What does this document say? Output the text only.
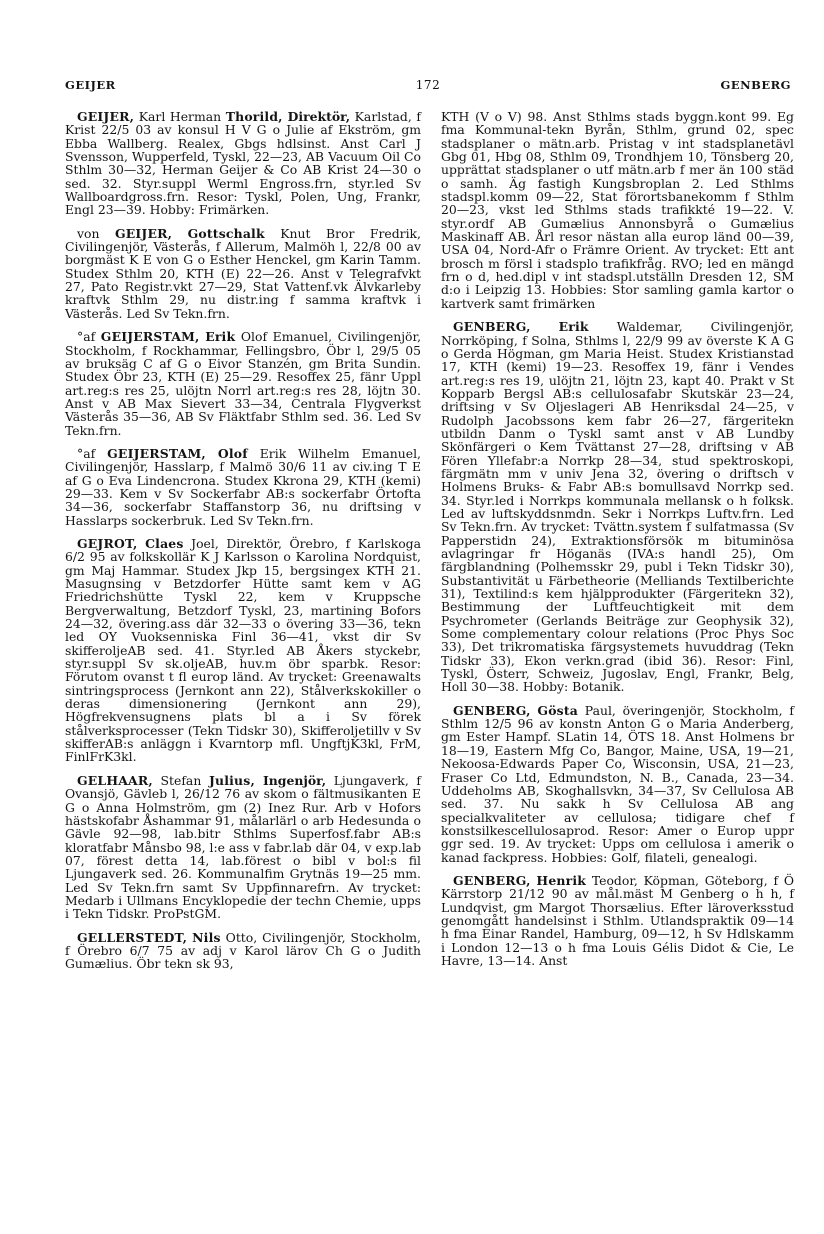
GEIJER	172	GENBERG

GEIJER, Karl Herman Thorild, Direktör, Karlstad, f Krist 22/5 03 av konsul H V G o Julie af Ekström, gm Ebba Wallberg. Realex, Gbgs hdlsinst. Anst Carl J Svensson, Wupperfeld, Tyskl, 22—23, AB Vacuum Oil Co Sthlm 30—32, Herman Geijer & Co AB Krist 24—30 o sed. 32. Styr.suppl Werml Engross.frn, styr.led Sv Wallboardgross.frn. Resor: Tyskl, Polen, Ung, Frankr, Engl 23—39. Hobby: Frimärken.

von GEIJER, Gottschalk Knut Bror Fredrik, Civilingenjör, Västerås, f Allerum, Malmöh l, 22/8 00 av borgmäst K E von G o Esther Henckel, gm Karin Tamm. Studex Sthlm 20, KTH (E) 22—26. Anst v Telegrafvkt 27, Patо Registr.vkt 27—29, Stat Vattenf.vk Älvkarleby kraftvk Sthlm 29, nu distr.ing f samma kraftvk i Västerås. Led Sv Tekn.frn.

°af GEIJERSTAM, Erik Olof Emanuel, Civilingenjör, Stockholm, f Rockhammar, Fellingsbro, Öbr l, 29/5 05 av bruksäg C af G o Eivor Stanzén, gm Brita Sundin. Studex Öbr 23, KTH (E) 25—29. Resoffex 25, fänr Uppl art.reg:s res 25, ulöjtn Norrl art.reg:s res 28, löjtn 30. Anst v AB Max Sievert 33—34, Centrala Flygverkst Västerås 35—36, AB Sv Fläktfabr Sthlm sed. 36. Led Sv Tekn.frn.

°af GEIJERSTAM, Olof Erik Wilhelm Emanuel, Civilingenjör, Hasslarp, f Malmö 30/6 11 av civ.ing T E af G o Eva Lindencrona. Studex Kkrona 29, KTH (kemi) 29—33. Kem v Sv Sockerfabr AB:s sockerfabr Örtofta 34—36, sockerfabr Staffanstorp 36, nu driftsing v Hasslarps sockerbruk. Led Sv Tekn.frn.

GEJROT, Claes Joel, Direktör, Örebro, f Karlskoga 6/2 95 av folkskollär K J Karlsson o Karolina Nordquist, gm Maj Hammar. Studex Jkp 15, bergsingex KTH 21. Masugnsing v Betzdorfer Hütte samt kem v AG Friedrichshütte Tyskl 22, kem v Kruppsche Bergverwaltung, Betzdorf Tyskl, 23, martining Bofors 24—32, övering.ass där 32—33 o övering 33—36, tekn led OY Vuoksenniska Finl 36—41, vkst dir Sv skifferoljeAB sed. 41. Styr.led AB Åkers styckebr, styr.suppl Sv sk.oljeAB, huv.m öbr sparbk. Resor: Förutom ovanst t fl europ länd. Av trycket: Greenawalts sintringsprocess (Jernkont ann 22), Stålverkskokiller o deras dimensionering (Jernkont ann 29), Högfrekvensugnens plats bl a i Sv förek stålverksprocesser (Tekn Tidskr 30), Skifferoljetillv v Sv skifferAB:s anläggn i Kvarntorp mfl. UngftjK3kl, FrM, FinlFrK3kl.

GELHAAR, Stefan Julius, Ingenjör, Ljungaverk, f Ovansjö, Gävleb l, 26/12 76 av skom o fältmusikanten E G o Anna Holmström, gm (2) Inez Rur. Arb v Hofors hästskofabr Åshammar 91, målarlärl o arb Hedesunda o Gävle 92—98, lab.bitr Sthlms Superfosf.fabr AB:s kloratfabr Månsbo 98, l:e ass v fabr.lab där 04, v exp.lab 07, förest detta 14, lab.förest o bibl v bol:s fil Ljungaverk sed. 26. Kommunalfim Grytnäs 19—25 mm. Led Sv Tekn.frn samt Sv Uppfinnarefrn. Av trycket: Medarb i Ullmans Encyklopedie der techn Chemie, upps i Tekn Tidskr. ProPstGM.

GELLERSTEDT, Nils Otto, Civilingenjör, Stockholm, f Örebro 6/7 75 av adj v Karol lärov Ch G o Judith Gumælius. Öbr tekn sk 93,

KTH (V o V) 98. Anst Sthlms stads byggn.kont 99. Eg fma Kommunal-tekn Byrån, Sthlm, grund 02, spec stadsplaner o mätn.arb. Pristag v int stadsplanetävl Gbg 01, Hbg 08, Sthlm 09, Trondhjem 10, Tönsberg 20, upprättat stadsplaner o utf mätn.arb f mer än 100 städ o samh. Äg fastigh Kungsbroplan 2. Led Sthlms stadspl.komm 09—22, Stat förortsbanekomm f Sthlm 20—23, vkst led Sthlms stads trafikkté 19—22. V. styr.ordf AB Gumælius Annonsbyrå o Gumælius Maskinaff AB. Årl resor nästan alla europ länd 00—39, USA 04, Nord-Afr o Främre Orient. Av trycket: Ett ant brosch m försl i stadsplо trafikfråg. RVO; led en mängd frn o d, hed.dipl v int stadspl.utställn Dresden 12, SM d:o i Leipzig 13. Hobbies: Stor samling gamla kartor o kartverk samt frimärken

GENBERG, Erik Waldemar, Civilingenjör, Norrköping, f Solna, Sthlms l, 22/9 99 av överste K A G o Gerda Högman, gm Maria Heist. Studex Kristianstad 17, KTH (kemi) 19—23. Resoffex 19, fänr i Vendes art.reg:s res 19, ulöjtn 21, löjtn 23, kapt 40. Prakt v St Kopparb Bergsl AB:s cellulosafabr Skutskär 23—24, driftsing v Sv Oljeslageri AB Henriksdal 24—25, v Rudolph Jacobssons kem fabr 26—27, färgeritekn utbildn Danm o Tyskl samt anst v AB Lundby Skönfärgeri o Kem Tvättanst 27—28, driftsing v AB Fören Yllefabr:a Norrkp 28—34, stud spektroskopi, färgmätn mm v univ Jena 32, övering o driftsch v Holmens Bruks- & Fabr AB:s bomullsavd Norrkp sed. 34. Styr.led i Norrkps kommunala mellansk o h folksk. Led av luftskyddsnmdn. Sekr i Norrkps Luftv.frn. Led Sv Tekn.frn. Av trycket: Tvättn.system f sulfatmassa (Sv Papperstidn 24), Extraktionsförsök m bituminösa avlagringar fr Höganäs (IVA:s handl 25), Om färgblandning (Polhemsskr 29, publ i Tekn Tidskr 30), Substantivität u Färbetheorie (Melliands Textilberichte 31), Textilind:s kem hjälpprodukter (Färgeritekn 32), Bestimmung der Luftfeuchtigkeit mit dem Psychrometer (Gerlands Beiträge zur Geophysik 32), Some complementary colour relations (Proc Phys Soc 33), Det trikromatiska färgsystemets huvuddrag (Tekn Tidskr 33), Ekon verkn.grad (ibid 36). Resor: Finl, Tyskl, Österr, Schweiz, Jugoslav, Engl, Frankr, Belg, Holl 30—38. Hobby: Botanik.

GENBERG, Gösta Paul, överingenjör, Stockholm, f Sthlm 12/5 96 av konstn Anton G o Maria Anderberg, gm Ester Hampf. SLatin 14, ÖTS 18. Anst Holmens br 18—19, Eastern Mfg Co, Bangor, Maine, USA, 19—21, Nekoosa-Edwards Paper Co, Wisconsin, USA, 21—23, Fraser Co Ltd, Edmundston, N. B., Canada, 23—34. Uddeholms AB, Skoghallsvkn, 34—37, Sv Cellulosa AB sed. 37. Nu sakk h Sv Cellulosa AB ang specialkvaliteter av cellulosa; tidigare chef f konstsilkescellulosaprod. Resor: Amer o Europ uppr ggr sed. 19. Av trycket: Upps om cellulosa i amerik o kanad fackpress. Hobbies: Golf, filateli, genealogi.

GENBERG, Henrik Teodor, Köpman, Göteborg, f Ö Kärrstorp 21/12 90 av mål.mäst M Genberg o h h, f Lundqvist, gm Margot Thorsælius. Efter läroverksstud genomgått handelsinst i Sthlm. Utlandspraktik 09—14 h fma Einar Randel, Hamburg, 09—12, h Sv Hdlskamm i London 12—13 o h fma Louis Gélis Didot & Cie, Le Havre, 13—14. Anst
